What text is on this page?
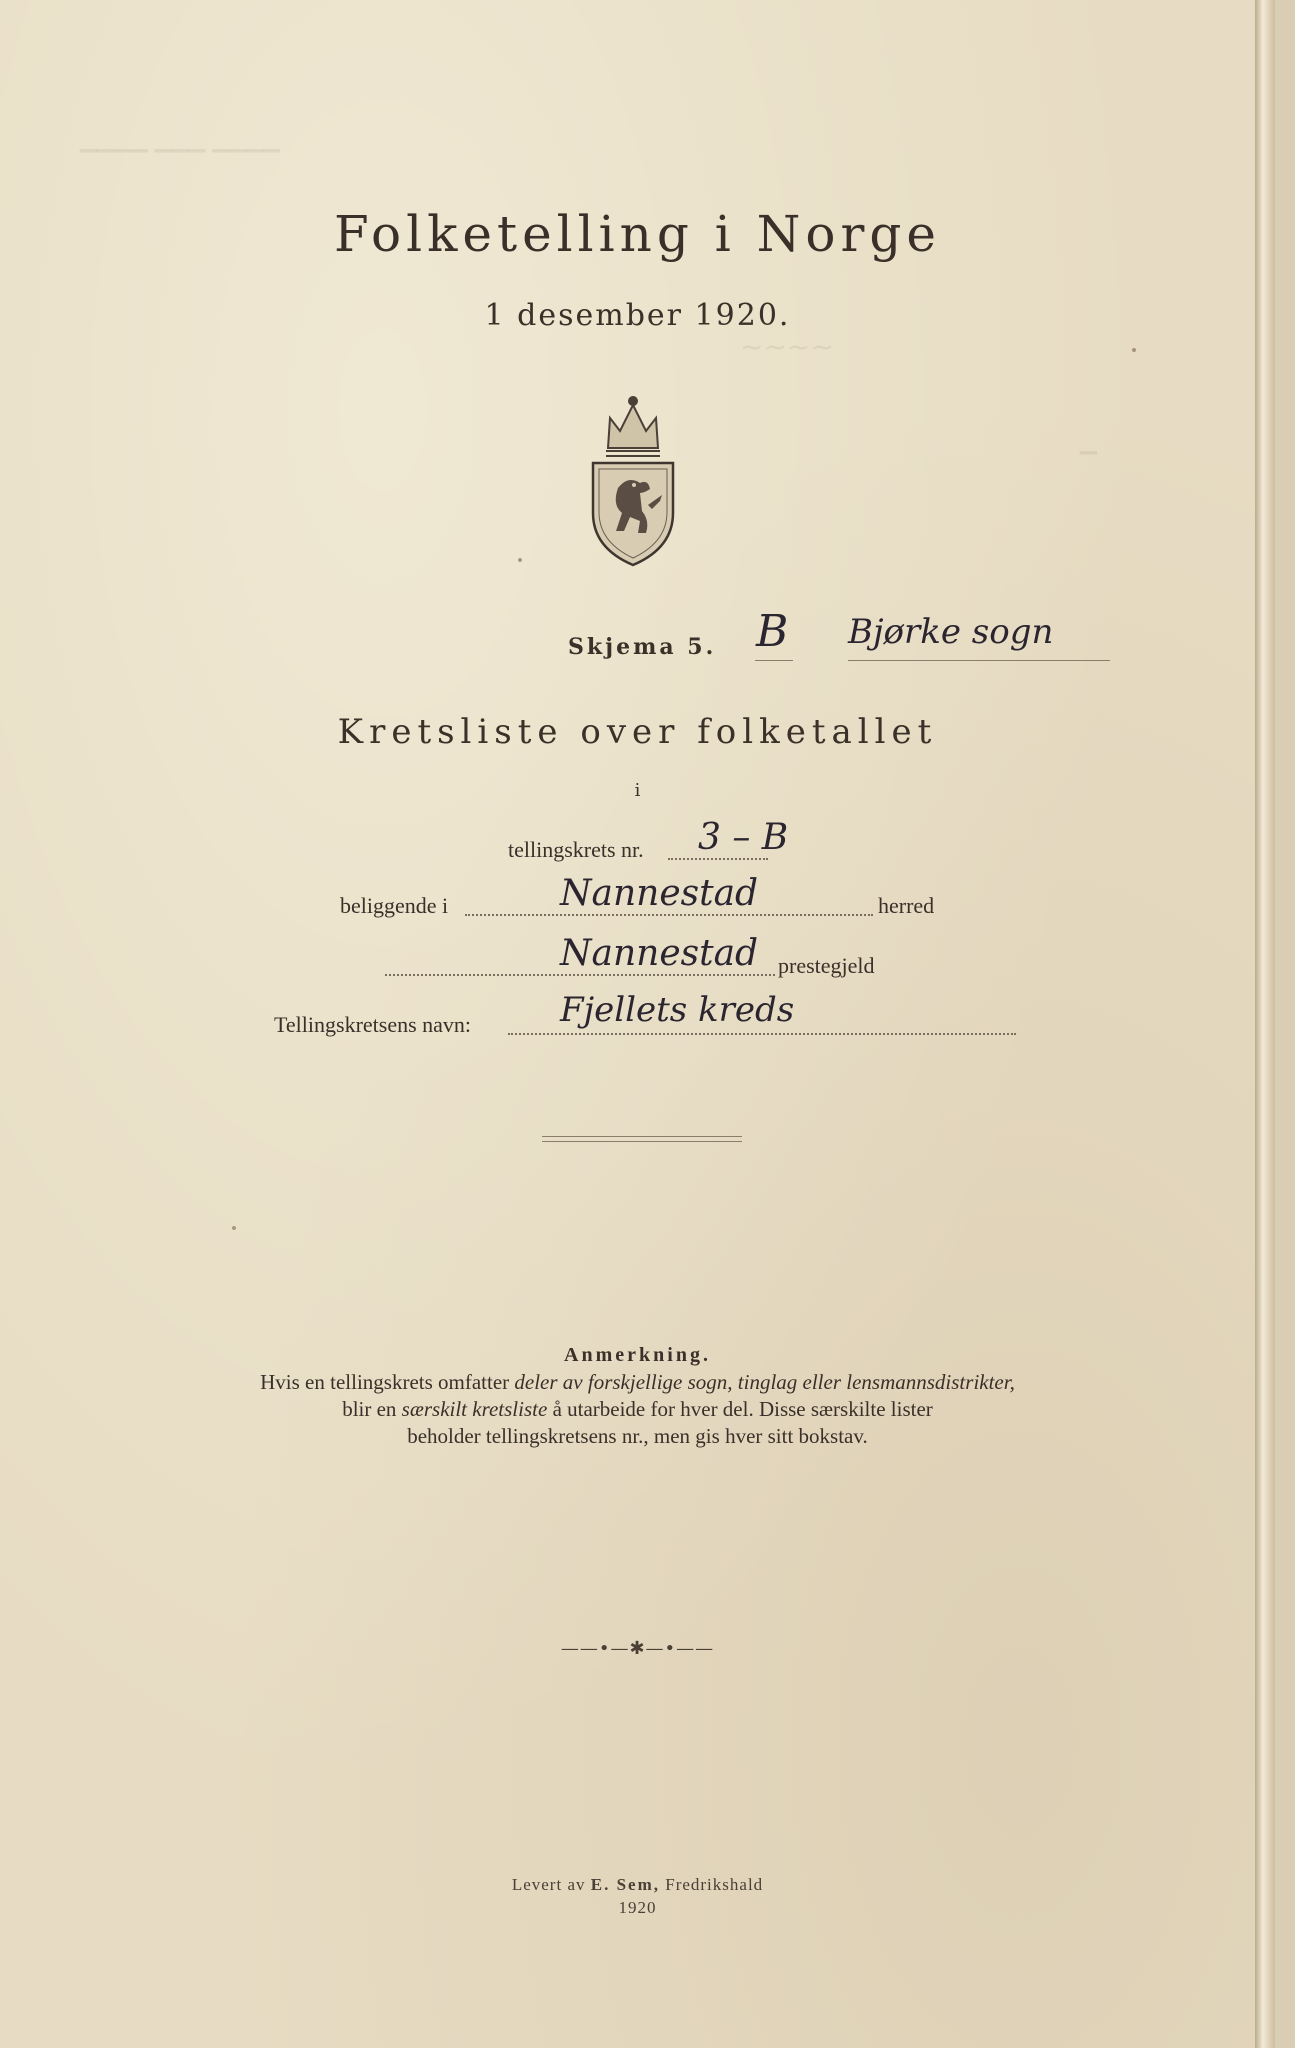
▁▁▁▁ ▁▁▁ ▁▁▁▁
~~~~
▁
Folketelling i Norge
1 desember 1920.
Skjema 5. B Bjørke sogn
Kretsliste over folketallet
i
tellingskrets nr. 3 – B
beliggende i	Nannestad	herred
Nannestad prestegjeld
Tellingskretsens navn:	Fjellets kreds
Anmerkning.
Hvis en tellingskrets omfatter deler av forskjellige sogn, tinglag eller lensmannsdistrikter,
blir en særskilt kretsliste å utarbeide for hver del. Disse særskilte lister
beholder tellingskretsens nr., men gis hver sitt bokstav.
——•—✱—•——
Levert av E. Sem, Fredrikshald
1920
